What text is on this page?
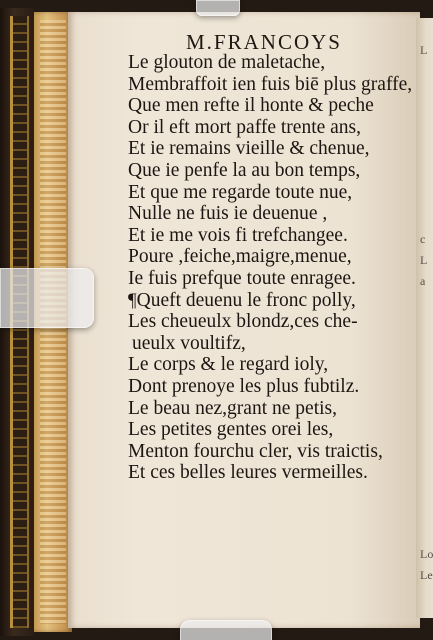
L
c
L
a
Lo
Le
M.FRANCOYS
Le glouton de maletache,
Membraffoit ien fuis biē plus graffe,
Que men refte il honte & peche
Or il eft mort paffe trente ans,
Et ie remains vieille & chenue,
Que ie penfe la au bon temps,
Et que me regarde toute nue,
Nulle ne fuis ie deuenue ,
Et ie me vois fi trefchangee.
Poure ,feiche,maigre,menue,
Ie fuis prefque toute enragee.
¶Queft deuenu le fronc polly,
Les cheueulx blondz,ces che-
ueulx voultifz,
Le corps & le regard ioly,
Dont prenoye les plus fubtilz.
Le beau nez,grant ne petis,
Les petites gentes orei les,
Menton fourchu cler, vis traictis,
Et ces belles leures vermeilles.
